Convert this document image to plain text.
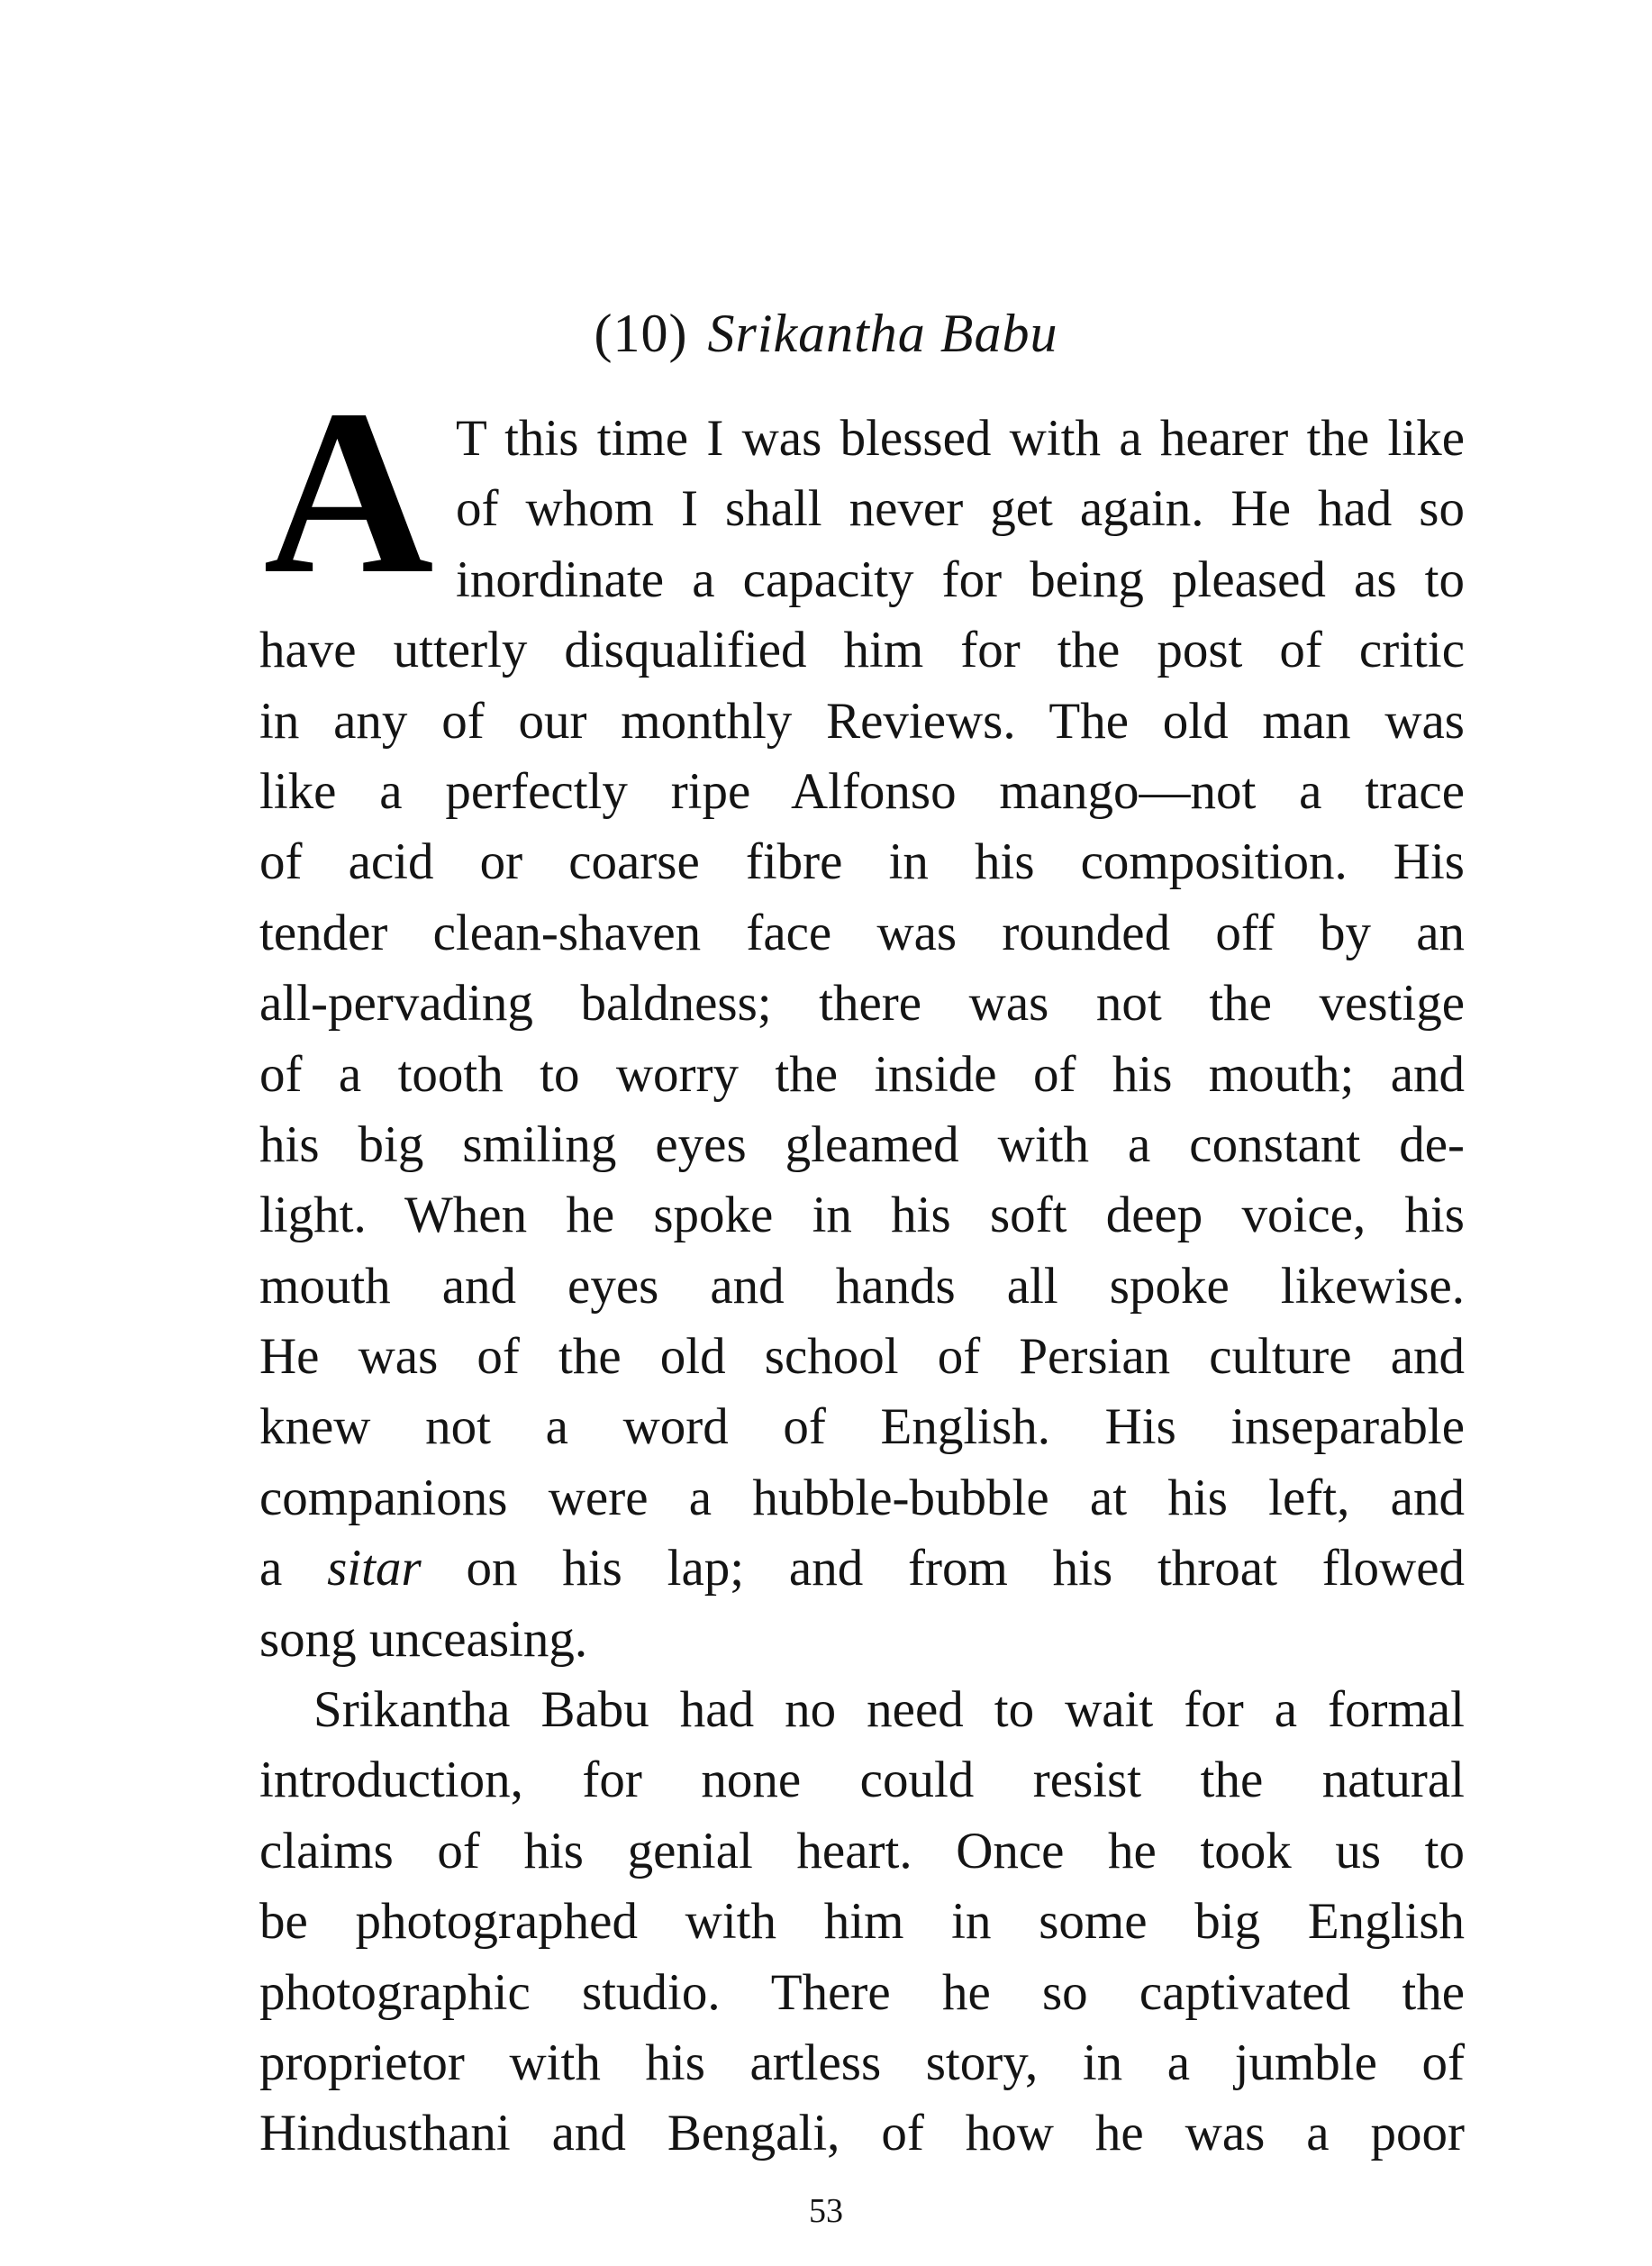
(10) Srikantha Babu
A T this time I was blessed with a hearer the like
of whom I shall never get again. He had so
inordinate a capacity for being pleased as to
have utterly disqualified him for the post of critic
in any of our monthly Reviews. The old man was
like a perfectly ripe Alfonso mango—not a trace
of acid or coarse fibre in his composition. His
tender clean-shaven face was rounded off by an
all-pervading baldness; there was not the vestige
of a tooth to worry the inside of his mouth; and
his big smiling eyes gleamed with a constant de-
light. When he spoke in his soft deep voice, his
mouth and eyes and hands all spoke likewise.
He was of the old school of Persian culture and
knew not a word of English. His inseparable
companions were a hubble-bubble at his left, and
a sitar on his lap; and from his throat flowed
song unceasing.
Srikantha Babu had no need to wait for a formal
introduction, for none could resist the natural
claims of his genial heart. Once he took us to
be photographed with him in some big English
photographic studio. There he so captivated the
proprietor with his artless story, in a jumble of
Hindusthani and Bengali, of how he was a poor
53
